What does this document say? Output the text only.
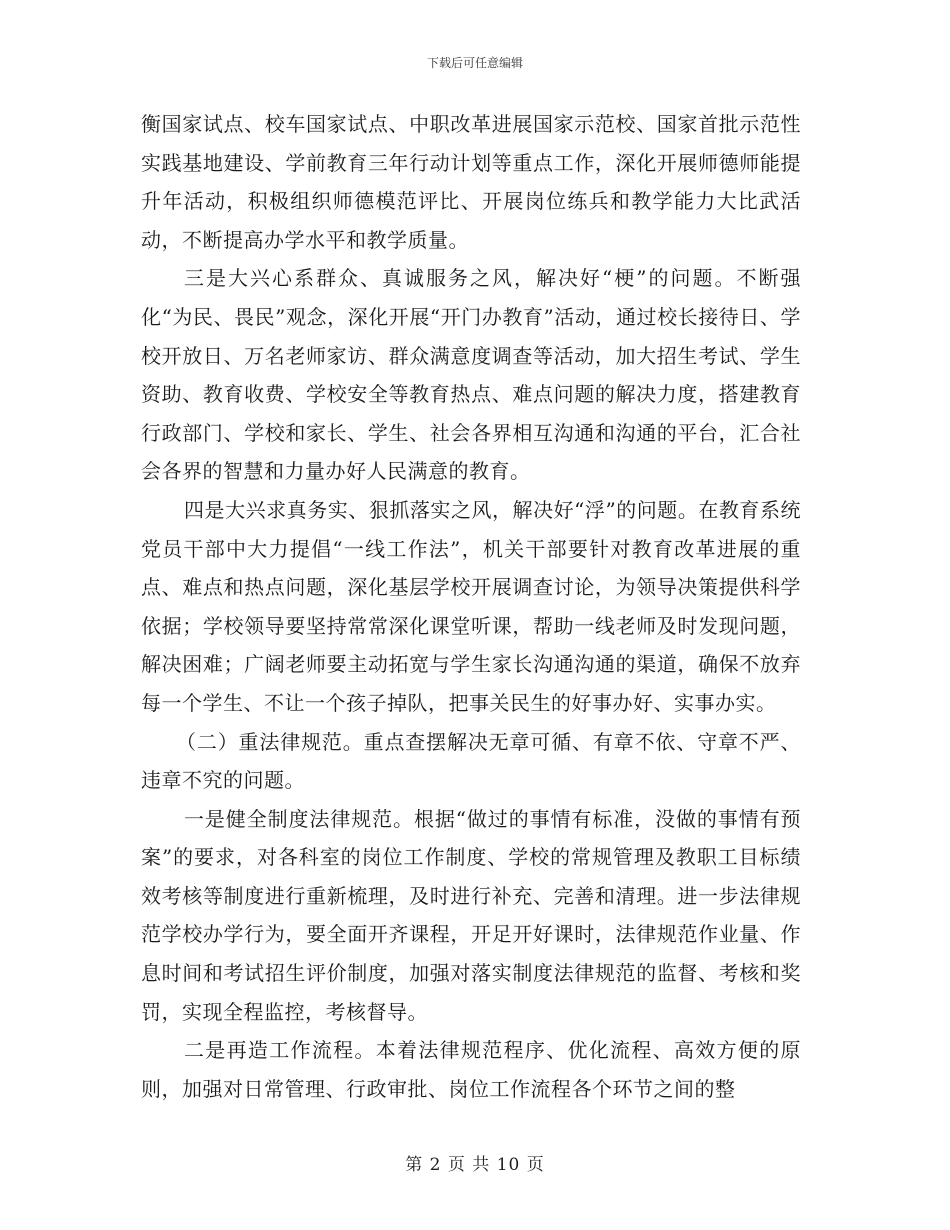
下载后可任意编辑

衡国家试点、校车国家试点、中职改革进展国家示范校、国家首批示范性实践基地建设、学前教育三年行动计划等重点工作，深化开展师德师能提升年活动，积极组织师德模范评比、开展岗位练兵和教学能力大比武活动，不断提高办学水平和教学质量。

三是大兴心系群众、真诚服务之风，解决好“梗”的问题。不断强化“为民、畏民”观念，深化开展“开门办教育”活动，通过校长接待日、学校开放日、万名老师家访、群众满意度调查等活动，加大招生考试、学生资助、教育收费、学校安全等教育热点、难点问题的解决力度，搭建教育行政部门、学校和家长、学生、社会各界相互沟通和沟通的平台，汇合社会各界的智慧和力量办好人民满意的教育。

四是大兴求真务实、狠抓落实之风，解决好“浮”的问题。在教育系统党员干部中大力提倡“一线工作法”，机关干部要针对教育改革进展的重点、难点和热点问题，深化基层学校开展调查讨论，为领导决策提供科学依据；学校领导要坚持常常深化课堂听课，帮助一线老师及时发现问题，解决困难；广阔老师要主动拓宽与学生家长沟通沟通的渠道，确保不放弃每一个学生、不让一个孩子掉队，把事关民生的好事办好、实事办实。

（二）重法律规范。重点查摆解决无章可循、有章不依、守章不严、违章不究的问题。

一是健全制度法律规范。根据“做过的事情有标准，没做的事情有预案”的要求，对各科室的岗位工作制度、学校的常规管理及教职工目标绩效考核等制度进行重新梳理，及时进行补充、完善和清理。进一步法律规范学校办学行为，要全面开齐课程，开足开好课时，法律规范作业量、作息时间和考试招生评价制度，加强对落实制度法律规范的监督、考核和奖罚，实现全程监控，考核督导。

二是再造工作流程。本着法律规范程序、优化流程、高效方便的原则，加强对日常管理、行政审批、岗位工作流程各个环节之间的整

第 2 页 共 10 页
